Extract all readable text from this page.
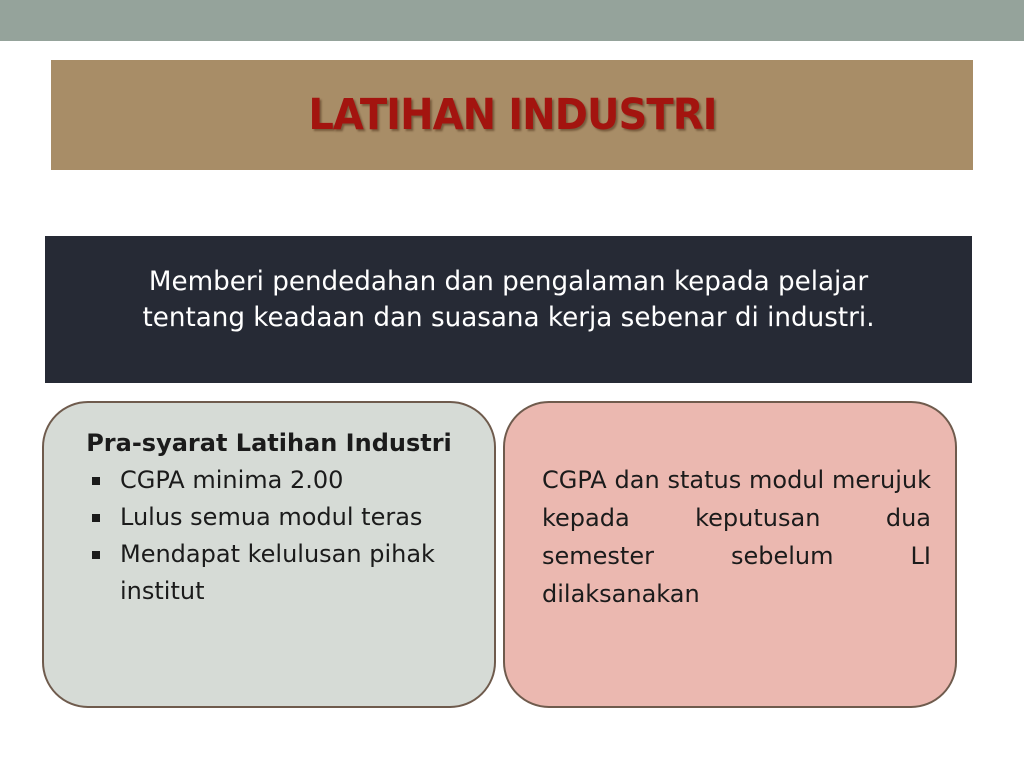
LATIHAN INDUSTRI
Memberi pendedahan dan pengalaman kepada pelajar tentang keadaan dan suasana kerja sebenar di industri.
Pra-syarat Latihan Industri
CGPA minima 2.00
Lulus semua modul teras
Mendapat kelulusan pihak institut
CGPA dan status modul merujuk kepada keputusan dua semester sebelum LI dilaksanakan
